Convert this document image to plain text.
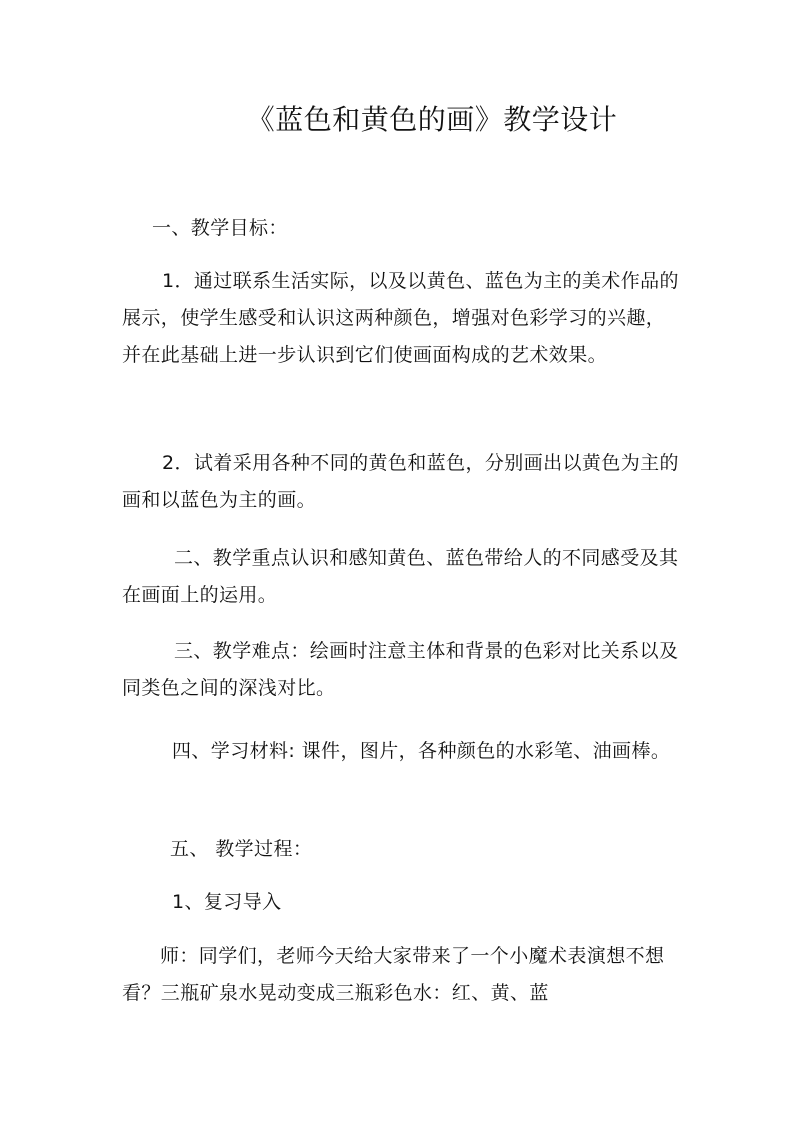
《蓝色和黄色的画》教学设计

一、教学目标：

1．通过联系生活实际，以及以黄色、蓝色为主的美术作品的展示，使学生感受和认识这两种颜色，增强对色彩学习的兴趣，并在此基础上进一步认识到它们使画面构成的艺术效果。

2．试着采用各种不同的黄色和蓝色，分别画出以黄色为主的画和以蓝色为主的画。

二、教学重点认识和感知黄色、蓝色带给人的不同感受及其在画面上的运用。

三、教学难点：绘画时注意主体和背景的色彩对比关系以及同类色之间的深浅对比。

四、学习材料: 课件，图片，各种颜色的水彩笔、油画棒。

五、 教学过程：

1、复习导入

师：同学们，老师今天给大家带来了一个小魔术表演想不想看？三瓶矿泉水晃动变成三瓶彩色水：红、黄、蓝
